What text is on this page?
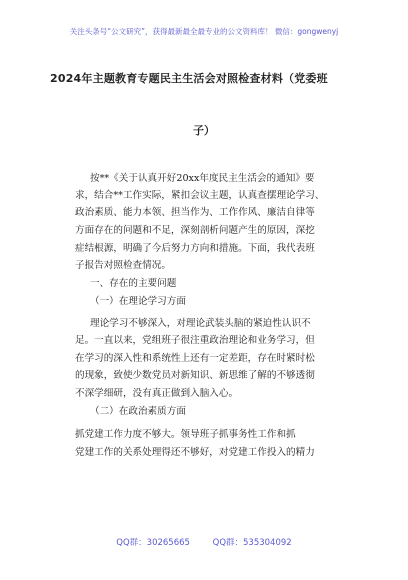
关注头条号“公文研究”，获得最新最全最专业的公文资料库！ 微信：gongwenyj
2024年主题教育专题民主生活会对照检查材料（党委班
子）
按**《关于认真开好20xx年度民主生活会的通知》要
求，结合**工作实际，紧扣会议主题，认真查摆理论学习、
政治素质、能力本领、担当作为、工作作风、廉洁自律等
方面存在的问题和不足，深刻剖析问题产生的原因，深挖
症结根源，明确了今后努力方向和措施。下面，我代表班
子报告对照检查情况。
一、存在的主要问题
（一）在理论学习方面
理论学习不够深入，对理论武装头脑的紧迫性认识不
足。一直以来，党组班子很注重政治理论和业务学习，但
在学习的深入性和系统性上还有一定差距，存在时紧时松
的现象，致使少数党员对新知识、新思维了解的不够透彻
不深学细研，没有真正做到入脑入心。
（二）在政治素质方面
抓党建工作力度不够大。领导班子抓事务性工作和抓
党建工作的关系处理得还不够好，对党建工作投入的精力
QQ群：30265665	QQ群：535304092
